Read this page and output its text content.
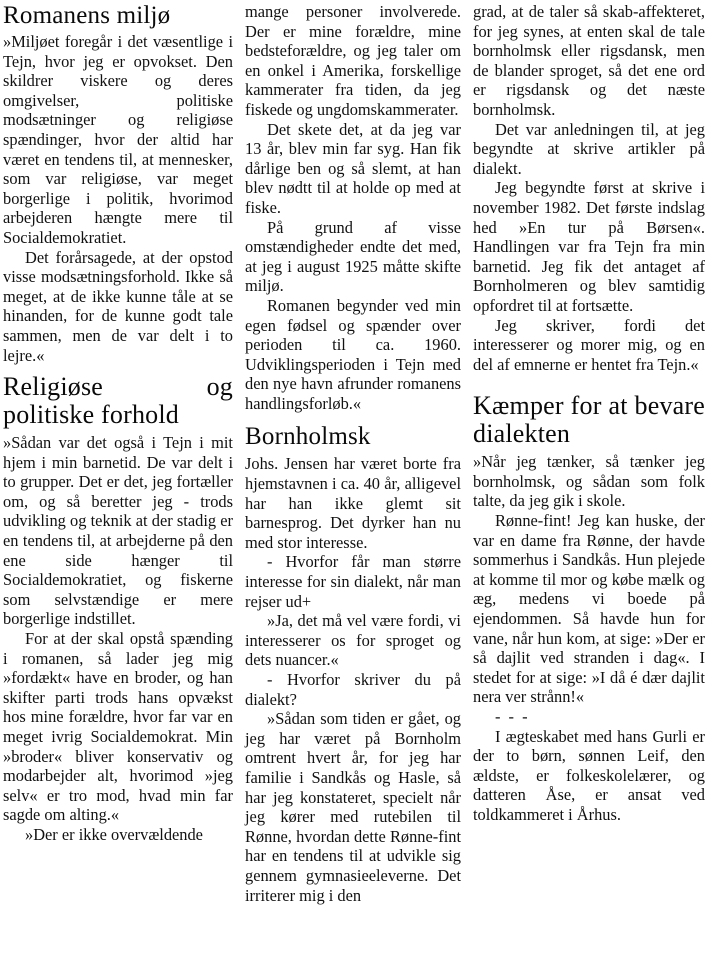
Romanens miljø

»Miljøet foregår i det væsentlige i Tejn, hvor jeg er opvokset. Den skildrer viskere og deres omgivelser, politiske modsætninger og religiøse spændinger, hvor der altid har været en tendens til, at mennesker, som var religiøse, var meget borgerlige i politik, hvorimod arbejderen hængte mere til Socialdemokratiet.

Det forårsagede, at der opstod visse modsætningsforhold. Ikke så meget, at de ikke kunne tåle at se hinanden, for de kunne godt tale sammen, men de var delt i to lejre.«

Religiøse og politiske forhold

»Sådan var det også i Tejn i mit hjem i min barnetid. De var delt i to grupper. Det er det, jeg fortæller om, og så beretter jeg - trods udvikling og teknik at der stadig er en tendens til, at arbejderne på den ene side hænger til Socialdemokratiet, og fiskerne som selvstændige er mere borgerlige indstillet.

For at der skal opstå spænding i romanen, så lader jeg mig »fordækt« have en broder, og han skifter parti trods hans opvækst hos mine forældre, hvor far var en meget ivrig Socialdemokrat. Min »broder« bliver konservativ og modarbejder alt, hvorimod »jeg selv« er tro mod, hvad min far sagde om alting.«

»Der er ikke overvældende

mange personer involverede. Der er mine forældre, mine bedsteforældre, og jeg taler om en onkel i Amerika, forskellige kammerater fra tiden, da jeg fiskede og ungdomskammerater.

Det skete det, at da jeg var 13 år, blev min far syg. Han fik dårlige ben og så slemt, at han blev nødtt til at holde op med at fiske.

På grund af visse omstændigheder endte det med, at jeg i august 1925 måtte skifte miljø.

Romanen begynder ved min egen fødsel og spænder over perioden til ca. 1960. Udviklingsperioden i Tejn med den nye havn afrunder romanens handlingsforløb.«

Bornholmsk

Johs. Jensen har været borte fra hjemstavnen i ca. 40 år, alligevel har han ikke glemt sit barnesprog. Det dyrker han nu med stor interesse.

- Hvorfor får man større interesse for sin dialekt, når man rejser ud+

»Ja, det må vel være fordi, vi interesserer os for sproget og dets nuancer.«

- Hvorfor skriver du på dialekt?

»Sådan som tiden er gået, og jeg har været på Bornholm omtrent hvert år, for jeg har familie i Sandkås og Hasle, så har jeg konstateret, specielt når jeg kører med rutebilen til Rønne, hvordan dette Rønne-fint har en tendens til at udvikle sig gennem gymnasieeleverne. Det irriterer mig i den

grad, at de taler så skab-affekteret, for jeg synes, at enten skal de tale bornholmsk eller rigsdansk, men de blander sproget, så det ene ord er rigsdansk og det næste bornholmsk.

Det var anledningen til, at jeg begyndte at skrive artikler på dialekt.

Jeg begyndte først at skrive i november 1982. Det første indslag hed »En tur på Børsen«. Handlingen var fra Tejn fra min barnetid. Jeg fik det antaget af Bornholmeren og blev samtidig opfordret til at fortsætte.

Jeg skriver, fordi det interesserer og morer mig, og en del af emnerne er hentet fra Tejn.«

Kæmper for at bevare dialekten

»Når jeg tænker, så tænker jeg bornholmsk, og sådan som folk talte, da jeg gik i skole.

Rønne-fint! Jeg kan huske, der var en dame fra Rønne, der havde sommerhus i Sandkås. Hun plejede at komme til mor og købe mælk og æg, medens vi boede på ejendommen. Så havde hun for vane, når hun kom, at sige: »Der er så dajlit ved stranden i dag«. I stedet for at sige: »I då é dær dajlit nera ver strånn!«

- - -

I ægteskabet med hans Gurli er der to børn, sønnen Leif, den ældste, er folkeskolelærer, og datteren Åse, er ansat ved toldkammeret i Århus.
